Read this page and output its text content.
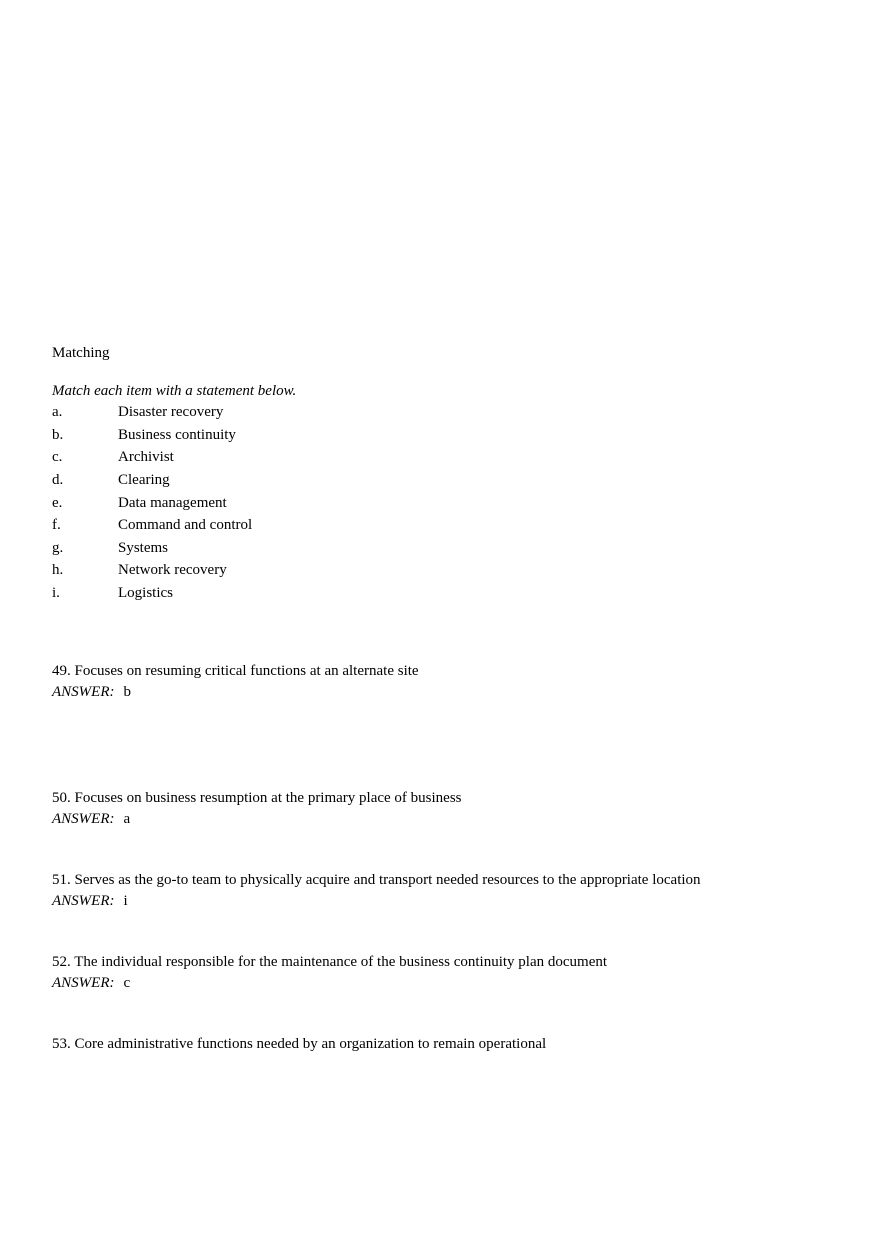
Matching
Match each item with a statement below.
a.	Disaster recovery
b.	Business continuity
c.	Archivist
d.	Clearing
e.	Data management
f.	Command and control
g.	Systems
h.	Network recovery
i.	Logistics
49. Focuses on resuming critical functions at an alternate site
ANSWER: b
50. Focuses on business resumption at the primary place of business
ANSWER: a
51. Serves as the go-to team to physically acquire and transport needed resources to the appropriate location
ANSWER: i
52. The individual responsible for the maintenance of the business continuity plan document
ANSWER: c
53. Core administrative functions needed by an organization to remain operational
